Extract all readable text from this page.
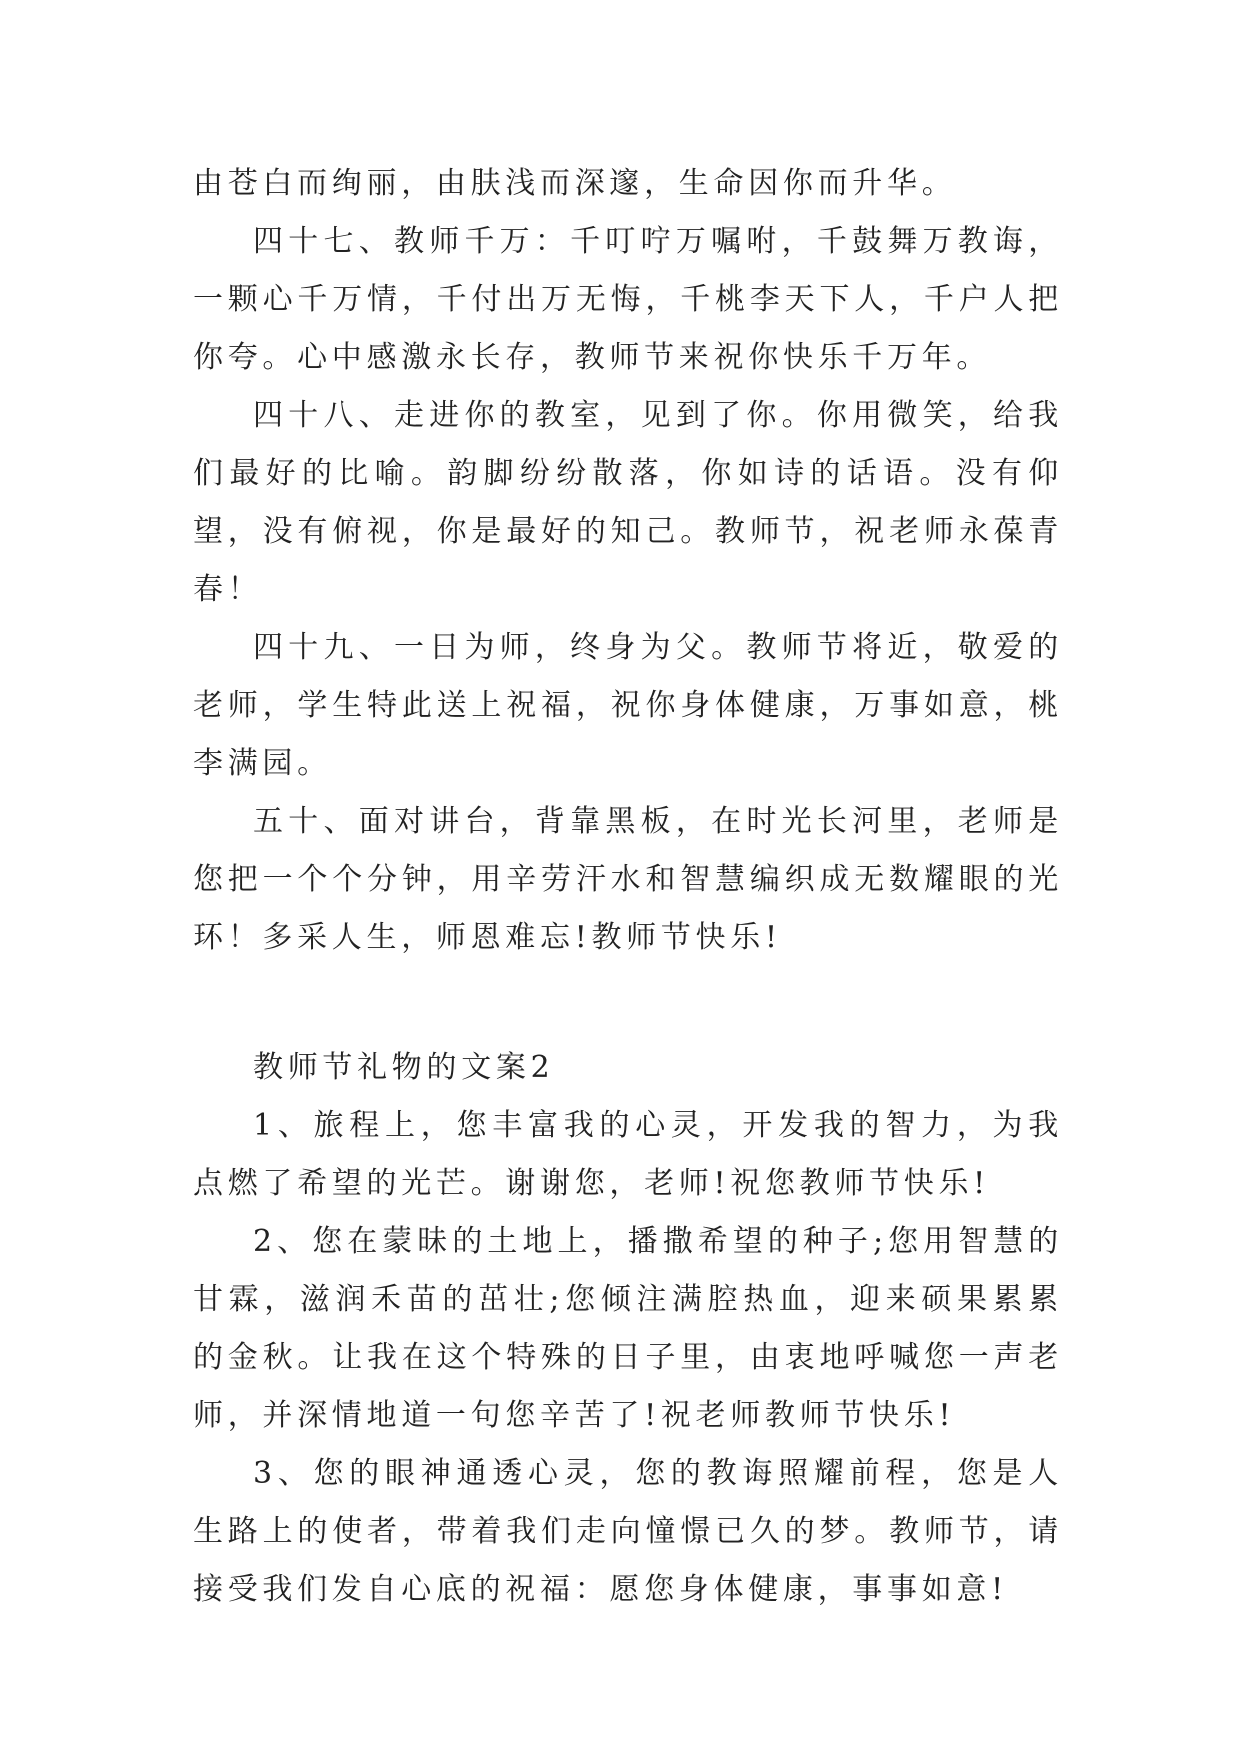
由苍白而绚丽，由肤浅而深邃，生命因你而升华。

四十七、教师千万：千叮咛万嘱咐，千鼓舞万教诲，一颗心千万情，千付出万无悔，千桃李天下人，千户人把你夸。心中感激永长存，教师节来祝你快乐千万年。

四十八、走进你的教室，见到了你。你用微笑，给我们最好的比喻。韵脚纷纷散落，你如诗的话语。没有仰望，没有俯视，你是最好的知己。教师节，祝老师永葆青春！

四十九、一日为师，终身为父。教师节将近，敬爱的老师，学生特此送上祝福，祝你身体健康，万事如意，桃李满园。

五十、面对讲台，背靠黑板，在时光长河里，老师是您把一个个分钟，用辛劳汗水和智慧编织成无数耀眼的光环！多采人生，师恩难忘!教师节快乐!

教师节礼物的文案2

1、旅程上，您丰富我的心灵，开发我的智力，为我点燃了希望的光芒。谢谢您，老师!祝您教师节快乐!

2、您在蒙昧的土地上，播撒希望的种子;您用智慧的甘霖，滋润禾苗的茁壮;您倾注满腔热血，迎来硕果累累的金秋。让我在这个特殊的日子里，由衷地呼喊您一声老师，并深情地道一句您辛苦了!祝老师教师节快乐!

3、您的眼神通透心灵，您的教诲照耀前程，您是人生路上的使者，带着我们走向憧憬已久的梦。教师节，请接受我们发自心底的祝福：愿您身体健康，事事如意!
